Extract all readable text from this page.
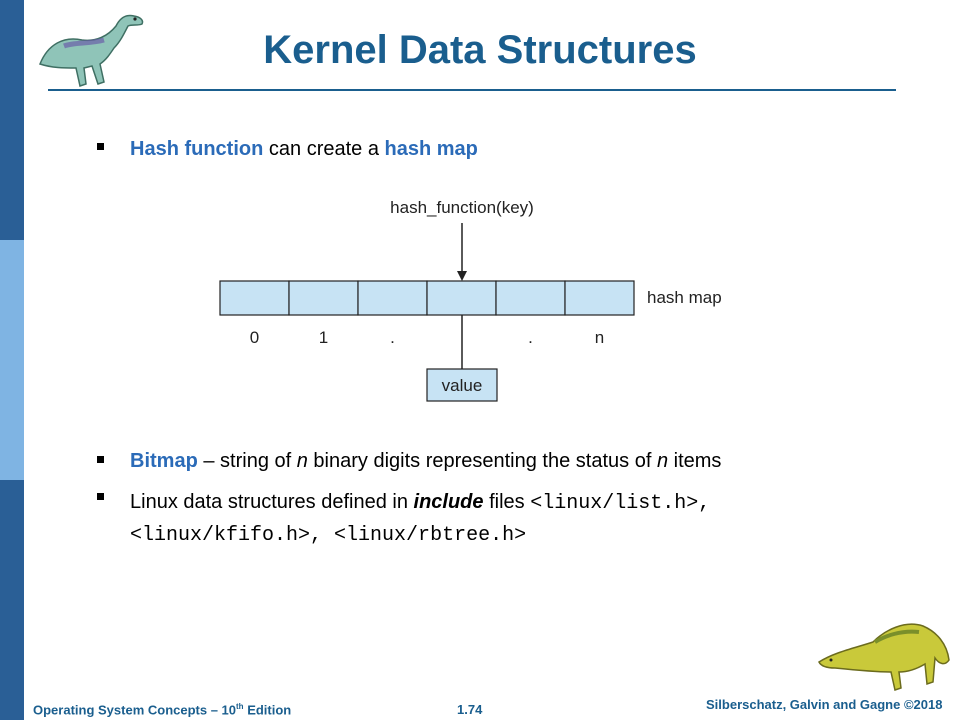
Kernel Data Structures
Hash function can create a hash map
hash_function(key)
hash map
0	1	.	.	n
value
Bitmap – string of n binary digits representing the status of n items
Linux data structures defined in include files <linux/list.h>,
<linux/kfifo.h>, <linux/rbtree.h>
Operating System Concepts – 10th Edition	1.74	Silberschatz, Galvin and Gagne ©2018
